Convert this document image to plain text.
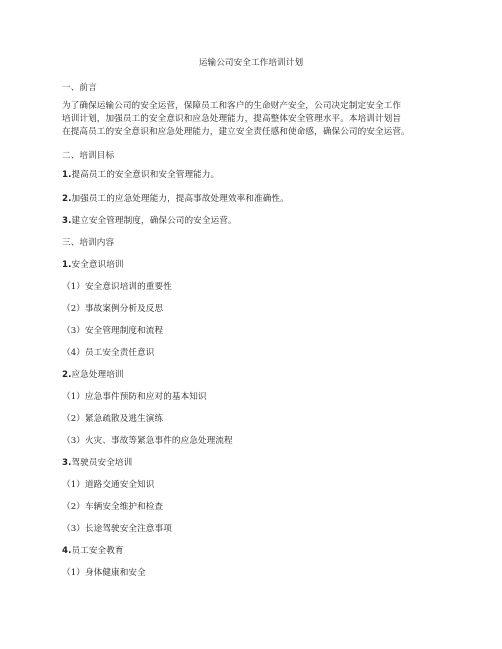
运输公司安全工作培训计划
一、前言
为了确保运输公司的安全运营，保障员工和客户的生命财产安全，公司决定制定安全工作
培训计划，加强员工的安全意识和应急处理能力，提高整体安全管理水平。本培训计划旨
在提高员工的安全意识和应急处理能力，建立安全责任感和使命感，确保公司的安全运营。
二、培训目标
1.提高员工的安全意识和安全管理能力。
2.加强员工的应急处理能力，提高事故处理效率和准确性。
3.建立安全管理制度，确保公司的安全运营。
三、培训内容
1.安全意识培训
（1）安全意识培训的重要性
（2）事故案例分析及反思
（3）安全管理制度和流程
（4）员工安全责任意识
2.应急处理培训
（1）应急事件预防和应对的基本知识
（2）紧急疏散及逃生演练
（3）火灾、事故等紧急事件的应急处理流程
3.驾驶员安全培训
（1）道路交通安全知识
（2）车辆安全维护和检查
（3）长途驾驶安全注意事项
4.员工安全教育
（1）身体健康和安全
